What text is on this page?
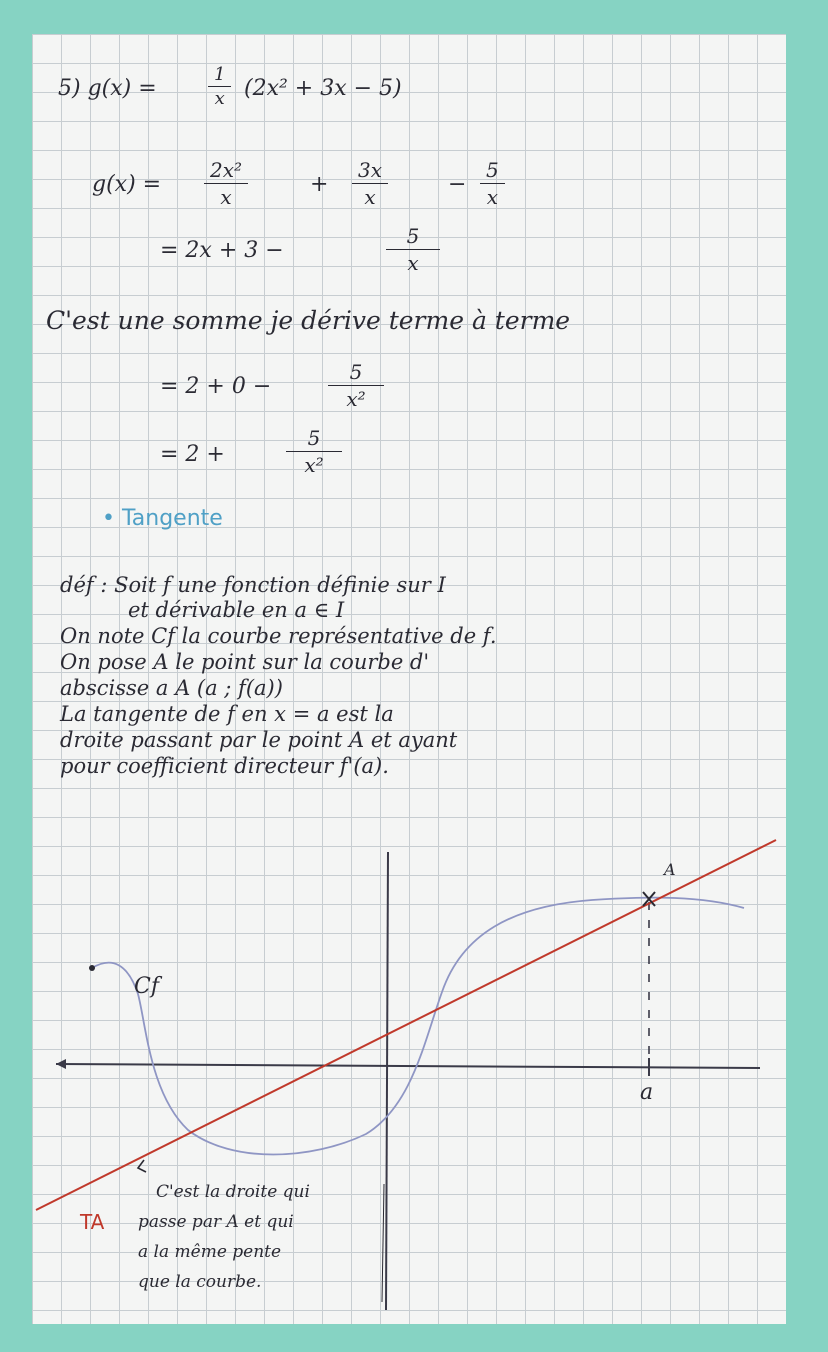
5) g(x) =
1
x (2x² + 3x − 5)
g(x) =
2x²
x	+
3x
x	−
5
x
= 2x + 3 −
5
x
C'est une somme je dérive terme à terme
= 2 + 0 −
5
x²
= 2 +
5
x²
• Tangente
déf : Soit f une fonction définie sur I
et dérivable en a ∈ I
On note Cf la courbe représentative de f.
On pose A le point sur la courbe d'
abscisse a A (a ; f(a))
La tangente de f en x = a est la
droite passant par le point A et ayant
pour coefficient directeur f'(a).
Cf
A
a
TA
C'est la droite qui
passe par A et qui
a la même pente
que la courbe.
